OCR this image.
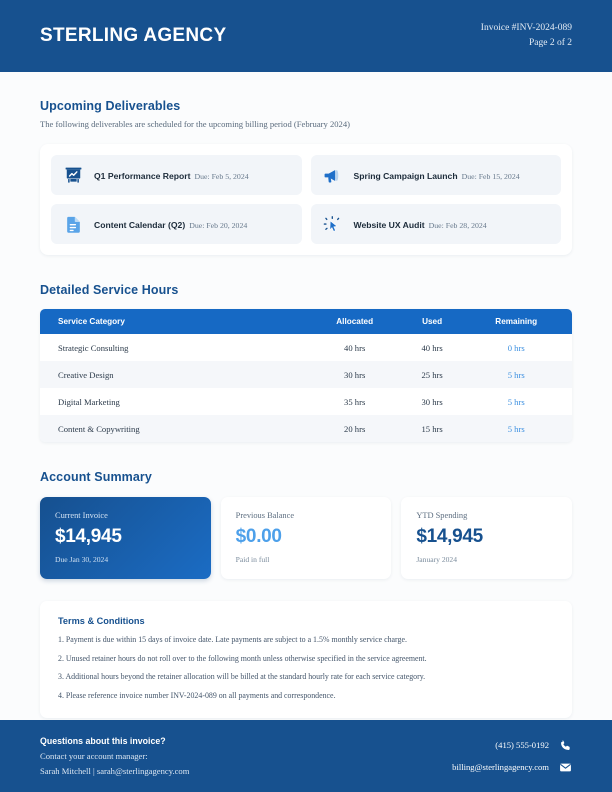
STERLING AGENCY	Invoice #INV-2024-089
Page 2 of 2
Upcoming Deliverables
The following deliverables are scheduled for the upcoming billing period (February 2024)
Q1 Performance Report Due: Feb 5, 2024	Spring Campaign Launch Due: Feb 15, 2024
Content Calendar (Q2) Due: Feb 20, 2024	Website UX Audit Due: Feb 28, 2024
Detailed Service Hours
Service Category	Allocated	Used	Remaining
Strategic Consulting	40 hrs	40 hrs	0 hrs
Creative Design	30 hrs	25 hrs	5 hrs
Digital Marketing	35 hrs	30 hrs	5 hrs
Content & Copywriting	20 hrs	15 hrs	5 hrs
Account Summary
Current Invoice
$14,945
Due Jan 30, 2024
Previous Balance
$0.00
Paid in full
YTD Spending
$14,945
January 2024
Terms & Conditions
1. Payment is due within 15 days of invoice date. Late payments are subject to a 1.5% monthly service charge.
2. Unused retainer hours do not roll over to the following month unless otherwise specified in the service agreement.
3. Additional hours beyond the retainer allocation will be billed at the standard hourly rate for each service category.
4. Please reference invoice number INV-2024-089 on all payments and correspondence.
Questions about this invoice?
Contact your account manager:
Sarah Mitchell | sarah@sterlingagency.com
(415) 555-0192
billing@sterlingagency.com
